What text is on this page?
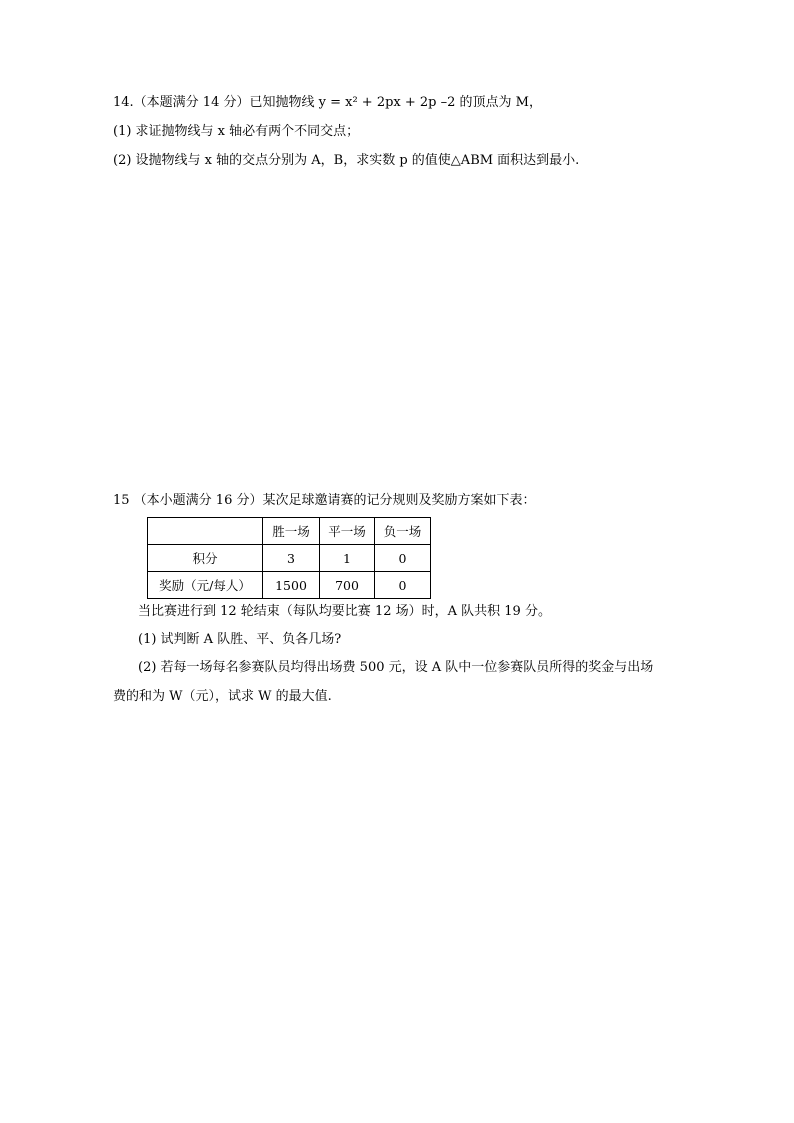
14.（本题满分 14 分）已知抛物线 y = x² + 2px + 2p –2 的顶点为 M，
(1) 求证抛物线与 x 轴必有两个不同交点；
(2) 设抛物线与 x 轴的交点分别为 A，B，求实数 p 的值使△ABM 面积达到最小.
15 （本小题满分 16 分）某次足球邀请赛的记分规则及奖励方案如下表：
	胜一场	平一场	负一场
积分	3	1	0
奖励（元/每人）	1500	700	0
当比赛进行到 12 轮结束（每队均要比赛 12 场）时，A 队共积 19 分。
(1) 试判断 A 队胜、平、负各几场?
(2) 若每一场每名参赛队员均得出场费 500 元，设 A 队中一位参赛队员所得的奖金与出场
费的和为 W（元），试求 W 的最大值.
